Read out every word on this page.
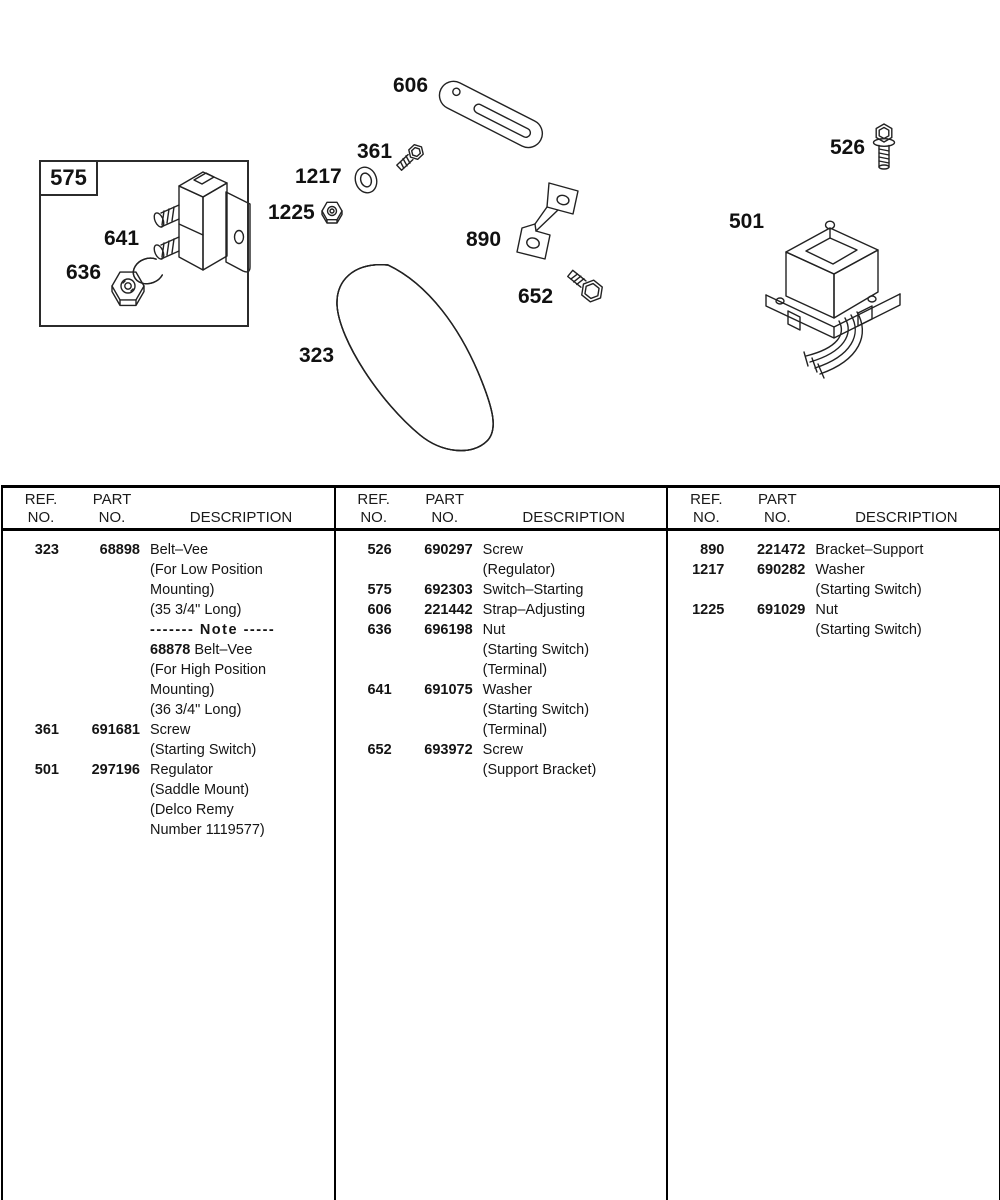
575
606
361
1217
1225
641
636
890
652
323
526
501
REF.
NO.
PART
NO.	DESCRIPTION
323	68898 Belt–Vee
(For Low Position
Mounting)
(35 3/4" Long)
------- Note -----
68878 Belt–Vee
(For High Position
Mounting)
(36 3/4" Long)
361	691681 Screw
(Starting Switch)
501	297196 Regulator
(Saddle Mount)
(Delco Remy
Number 1119577)
REF.
NO.
PART
NO.	DESCRIPTION
526	690297 Screw
(Regulator)
575	692303 Switch–Starting
606	221442 Strap–Adjusting
636	696198 Nut
(Starting Switch)
(Terminal)
641	691075 Washer
(Starting Switch)
(Terminal)
652	693972 Screw
(Support Bracket)
REF.
NO.
PART
NO.	DESCRIPTION
890	221472 Bracket–Support
1217	690282 Washer
(Starting Switch)
1225	691029 Nut
(Starting Switch)
